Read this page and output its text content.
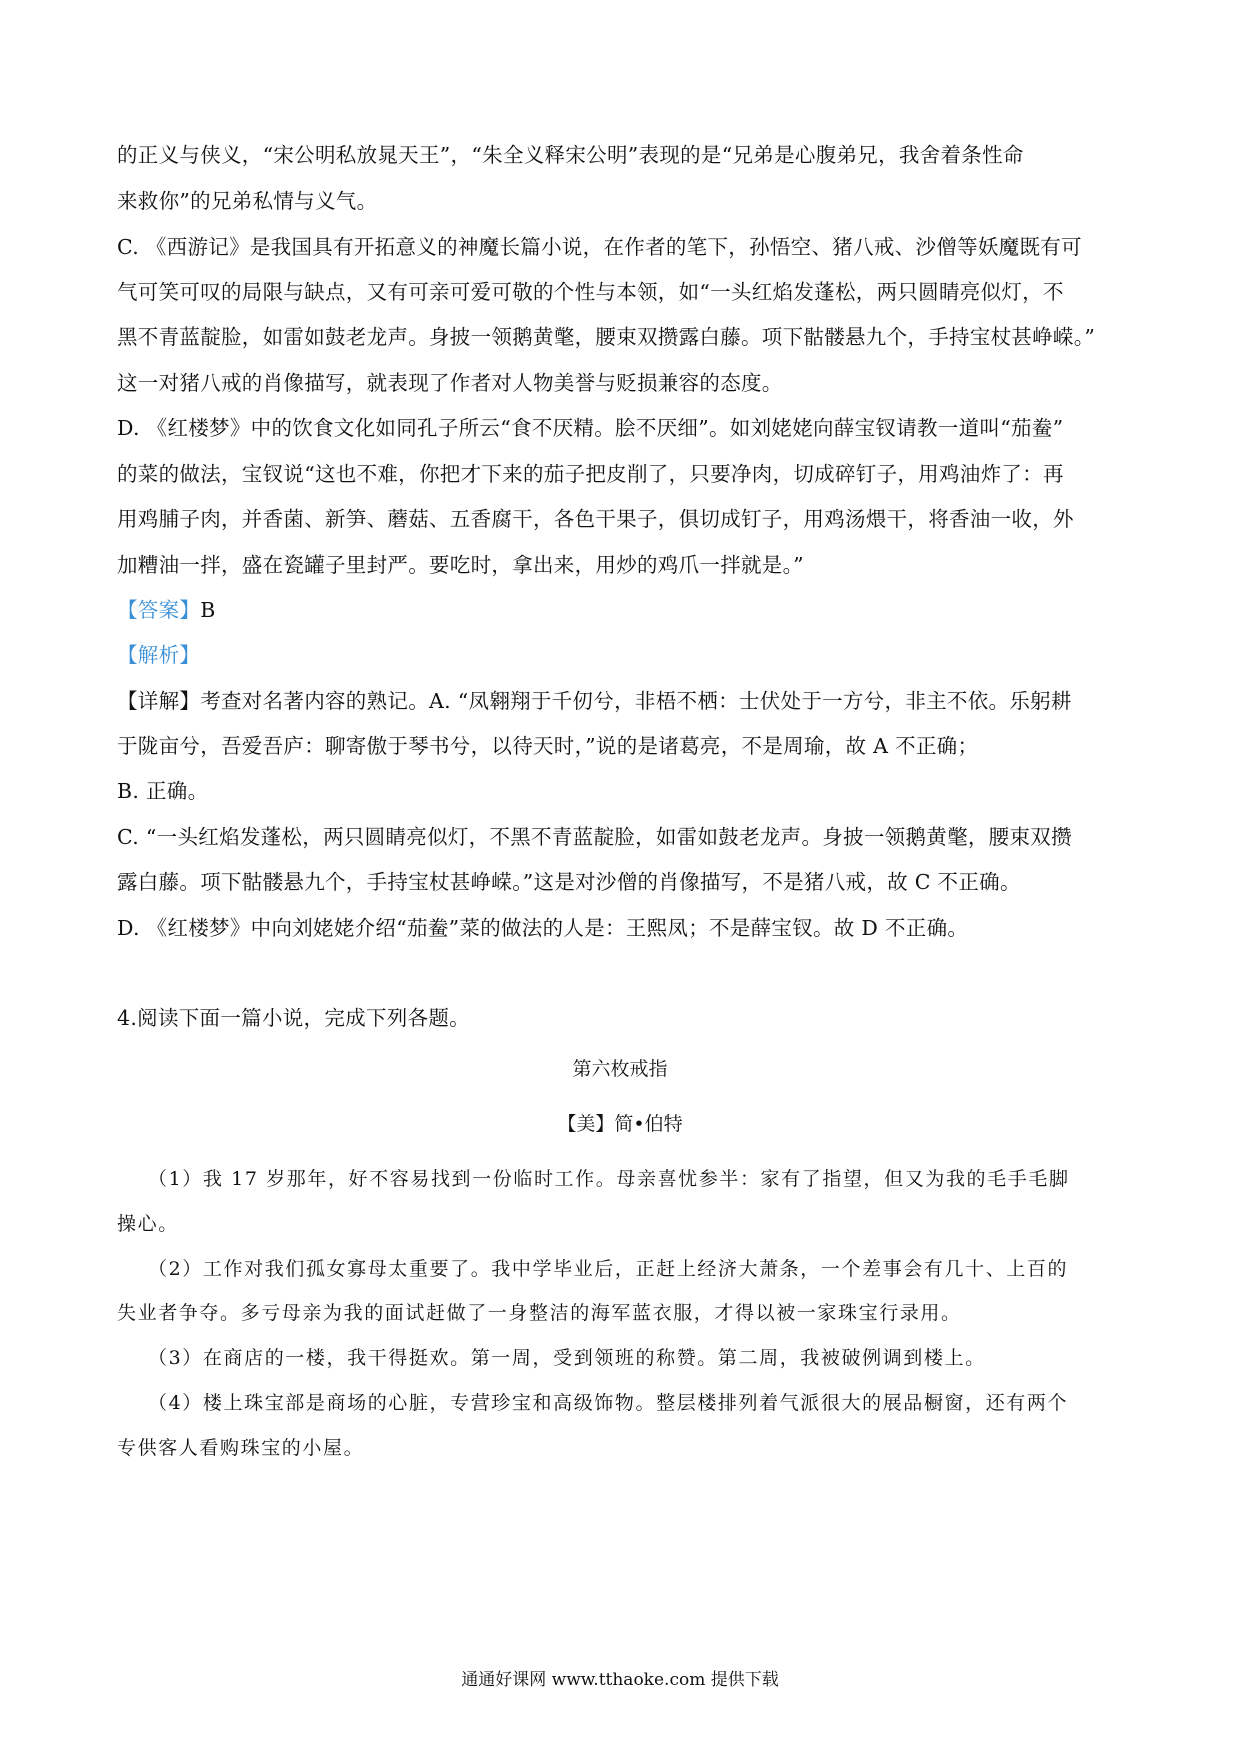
的正义与侠义，“宋公明私放晁天王”，“朱全义释宋公明”表现的是“兄弟是心腹弟兄，我舍着条性命
来救你”的兄弟私情与义气。
C. 《西游记》是我国具有开拓意义的神魔长篇小说，在作者的笔下，孙悟空、猪八戒、沙僧等妖魔既有可
气可笑可叹的局限与缺点，又有可亲可爱可敬的个性与本领，如“一头红焰发蓬松，两只圆睛亮似灯，不
黑不青蓝靛脸，如雷如鼓老龙声。身披一领鹅黄氅，腰束双攒露白藤。项下骷髅悬九个，手持宝杖甚峥嵘。”
这一对猪八戒的肖像描写，就表现了作者对人物美誉与贬损兼容的态度。
D. 《红楼梦》中的饮食文化如同孔子所云“食不厌精。脍不厌细”。如刘姥姥向薛宝钗请教一道叫“茄鲞”
的菜的做法，宝钗说“这也不难，你把才下来的茄子把皮削了，只要净肉，切成碎钉子，用鸡油炸了：再
用鸡脯子肉，并香菌、新笋、蘑菇、五香腐干，各色干果子，俱切成钉子，用鸡汤煨干，将香油一收，外
加糟油一拌，盛在瓷罐子里封严。要吃时，拿出来，用炒的鸡爪一拌就是。”
【答案】B
【解析】
【详解】考查对名著内容的熟记。A. “凤翱翔于千仞兮，非梧不栖：士伏处于一方兮，非主不依。乐躬耕
于陇亩兮，吾爱吾庐：聊寄傲于琴书兮，以待天时，”说的是诸葛亮，不是周瑜，故 A 不正确；
B. 正确。
C. “一头红焰发蓬松，两只圆睛亮似灯，不黑不青蓝靛脸，如雷如鼓老龙声。身披一领鹅黄氅，腰束双攒
露白藤。项下骷髅悬九个，手持宝杖甚峥嵘。”这是对沙僧的肖像描写，不是猪八戒，故 C 不正确。
D. 《红楼梦》中向刘姥姥介绍“茄鲞”菜的做法的人是：王熙凤；不是薛宝钗。故 D 不正确。
4.阅读下面一篇小说，完成下列各题。
第六枚戒指
【美】简•伯特
（1）我 17 岁那年，好不容易找到一份临时工作。母亲喜忧参半：家有了指望，但又为我的毛手毛脚
操心。
（2）工作对我们孤女寡母太重要了。我中学毕业后，正赶上经济大萧条，一个差事会有几十、上百的
失业者争夺。多亏母亲为我的面试赶做了一身整洁的海军蓝衣服，才得以被一家珠宝行录用。
（3）在商店的一楼，我干得挺欢。第一周，受到领班的称赞。第二周，我被破例调到楼上。
（4）楼上珠宝部是商场的心脏，专营珍宝和高级饰物。整层楼排列着气派很大的展品橱窗，还有两个
专供客人看购珠宝的小屋。
通通好课网 www.tthaoke.com 提供下载
